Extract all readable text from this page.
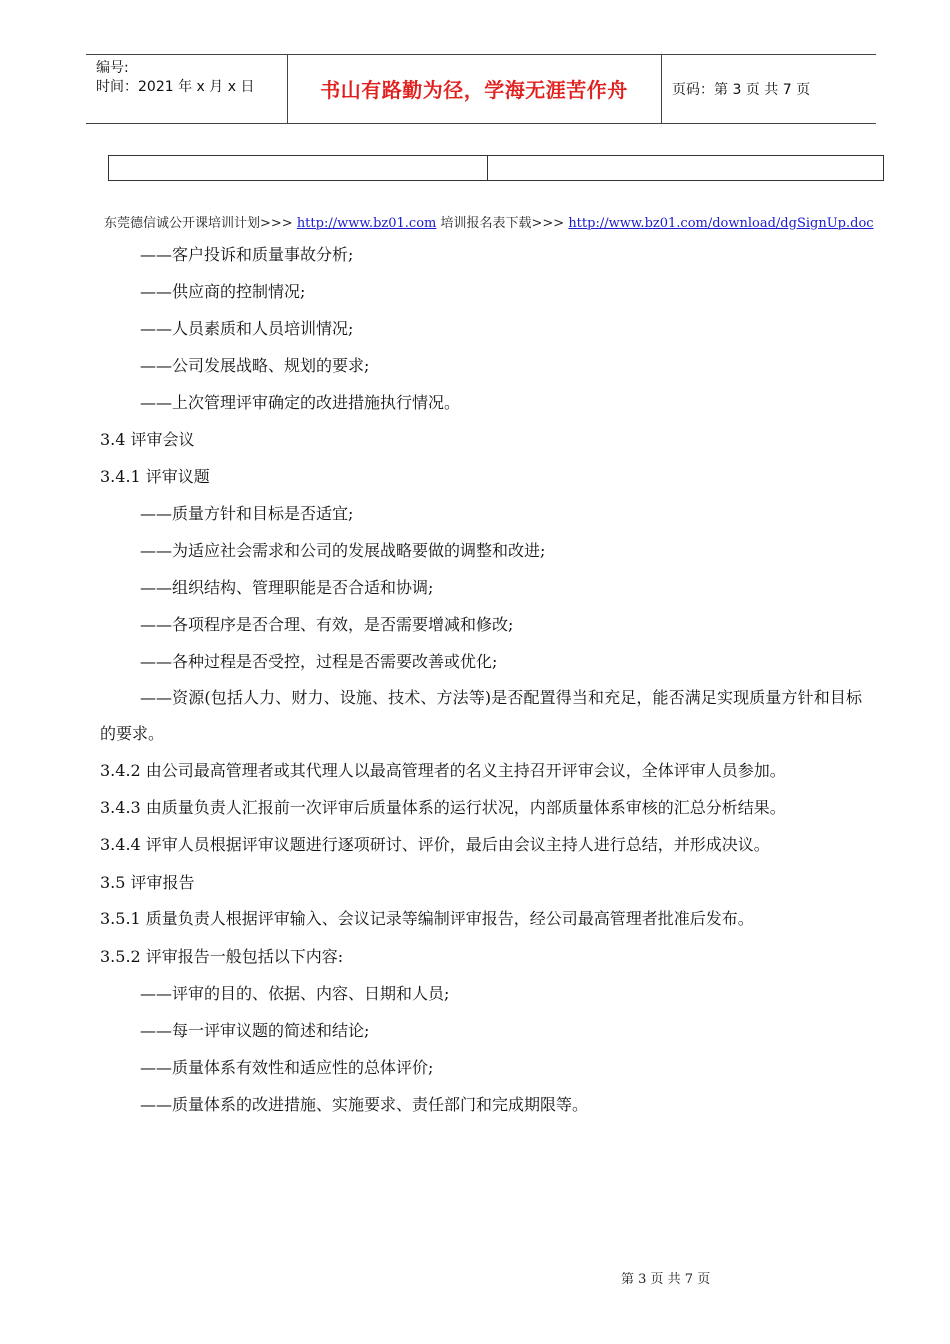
编号:
时间：2021 年 x 月 x 日	书山有路勤为径，学海无涯苦作舟	页码：第 3 页 共 7 页
东莞德信诚公开课培训计划>>> http://www.bz01.com 培训报名表下载>>> http://www.bz01.com/download/dgSignUp.doc

——客户投诉和质量事故分析;

——供应商的控制情况;

——人员素质和人员培训情况;

——公司发展战略、规划的要求;

——上次管理评审确定的改进措施执行情况。

3.4 评审会议

3.4.1 评审议题

——质量方针和目标是否适宜;

——为适应社会需求和公司的发展战略要做的调整和改进;

——组织结构、管理职能是否合适和协调;

——各项程序是否合理、有效，是否需要增减和修改;

——各种过程是否受控，过程是否需要改善或优化;

——资源(包括人力、财力、设施、技术、方法等)是否配置得当和充足，能否满足实现质量方针和目标的要求。

3.4.2 由公司最高管理者或其代理人以最高管理者的名义主持召开评审会议，全体评审人员参加。

3.4.3 由质量负责人汇报前一次评审后质量体系的运行状况，内部质量体系审核的汇总分析结果。

3.4.4 评审人员根据评审议题进行逐项研讨、评价，最后由会议主持人进行总结，并形成决议。

3.5 评审报告

3.5.1 质量负责人根据评审输入、会议记录等编制评审报告，经公司最高管理者批准后发布。

3.5.2 评审报告一般包括以下内容:

——评审的目的、依据、内容、日期和人员;

——每一评审议题的简述和结论;

——质量体系有效性和适应性的总体评价;

——质量体系的改进措施、实施要求、责任部门和完成期限等。

第 3 页 共 7 页
